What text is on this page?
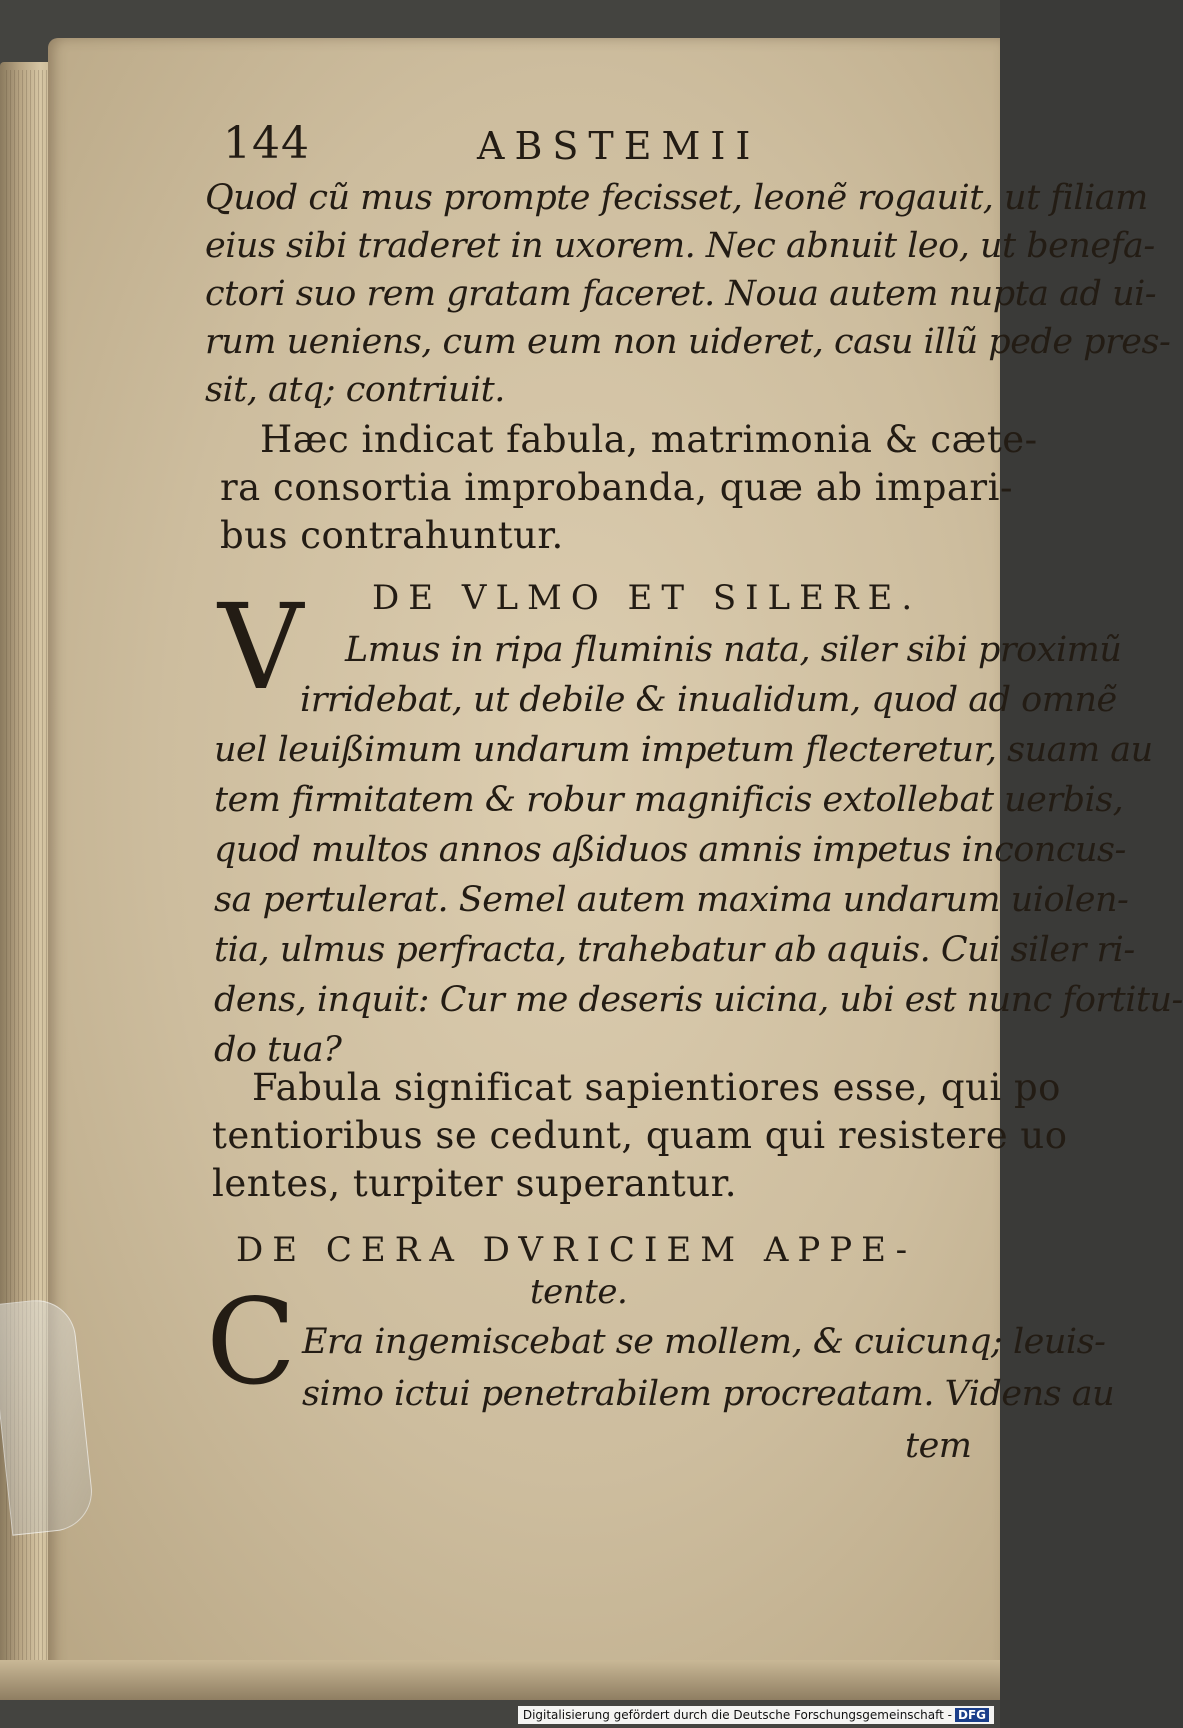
144	ABSTEMII
Quod cũ mus prompte fecisset, leonẽ rogauit, ut filiam
eius sibi traderet in uxorem. Nec abnuit leo, ut benefa-
ctori suo rem gratam faceret. Noua autem nupta ad ui-
rum ueniens, cum eum non uideret, casu illũ pede pres-
sit, atq; contriuit.
Hæc indicat fabula, matrimonia & cæte-
ra consortia improbanda, quæ ab impari-
bus contrahuntur.
DE VLMO ET SILERE.
V Lmus in ripa fluminis nata, siler sibi proximũ
irridebat, ut debile & inualidum, quod ad omnẽ
uel leuißimum undarum impetum flecteretur, suam au
tem firmitatem & robur magnificis extollebat uerbis,
quod multos annos aßiduos amnis impetus inconcus-
sa pertulerat. Semel autem maxima undarum uiolen-
tia, ulmus perfracta, trahebatur ab aquis. Cui siler ri-
dens, inquit: Cur me deseris uicina, ubi est nunc fortitu-
do tua?
Fabula significat sapientiores esse, qui po
tentioribus se cedunt, quam qui resistere uo
lentes, turpiter superantur.
DE CERA DVRICIEM APPE-
tente.
C Era ingemiscebat se mollem, & cuicunq; leuis-
simo ictui penetrabilem procreatam. Videns au
tem
Digitalisierung gefördert durch die Deutsche Forschungsgemeinschaft - DFG
